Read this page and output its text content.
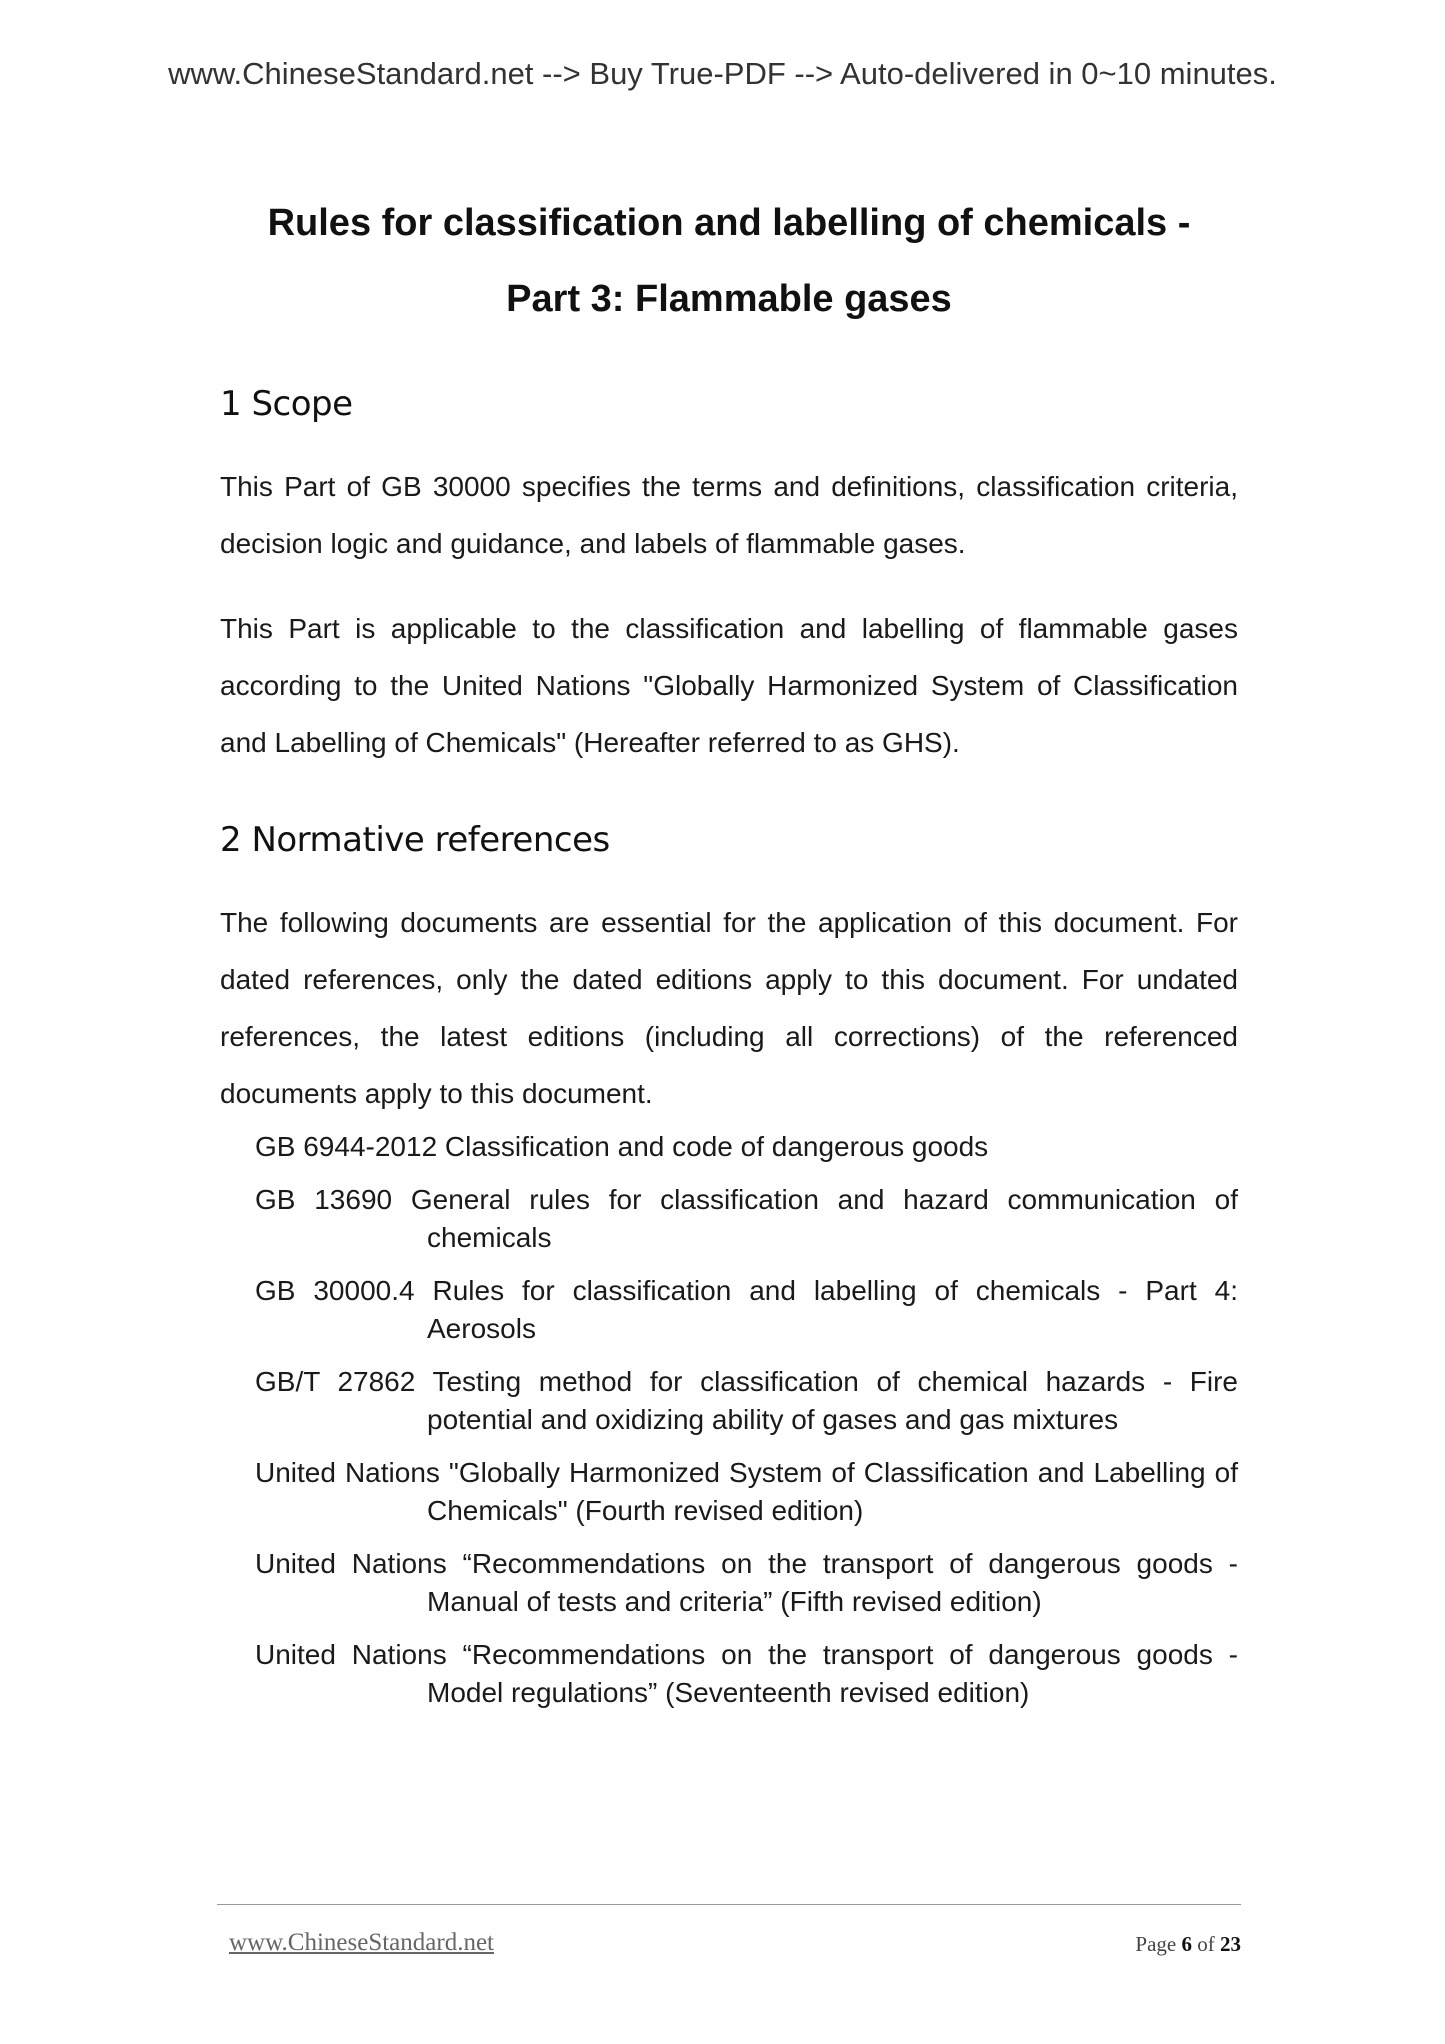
www.ChineseStandard.net --> Buy True-PDF --> Auto-delivered in 0~10 minutes.
Rules for classification and labelling of chemicals -
Part 3: Flammable gases
1 Scope
This Part of GB 30000 specifies the terms and definitions, classification criteria, decision logic and guidance, and labels of flammable gases.
This Part is applicable to the classification and labelling of flammable gases according to the United Nations "Globally Harmonized System of Classification and Labelling of Chemicals" (Hereafter referred to as GHS).
2 Normative references
The following documents are essential for the application of this document. For dated references, only the dated editions apply to this document. For undated references, the latest editions (including all corrections) of the referenced documents apply to this document.
GB 6944-2012 Classification and code of dangerous goods
GB 13690 General rules for classification and hazard communication of chemicals
GB 30000.4 Rules for classification and labelling of chemicals - Part 4: Aerosols
GB/T 27862 Testing method for classification of chemical hazards - Fire potential and oxidizing ability of gases and gas mixtures
United Nations "Globally Harmonized System of Classification and Labelling of Chemicals" (Fourth revised edition)
United Nations “Recommendations on the transport of dangerous goods - Manual of tests and criteria” (Fifth revised edition)
United Nations “Recommendations on the transport of dangerous goods - Model regulations” (Seventeenth revised edition)
www.ChineseStandard.net	Page 6 of 23
